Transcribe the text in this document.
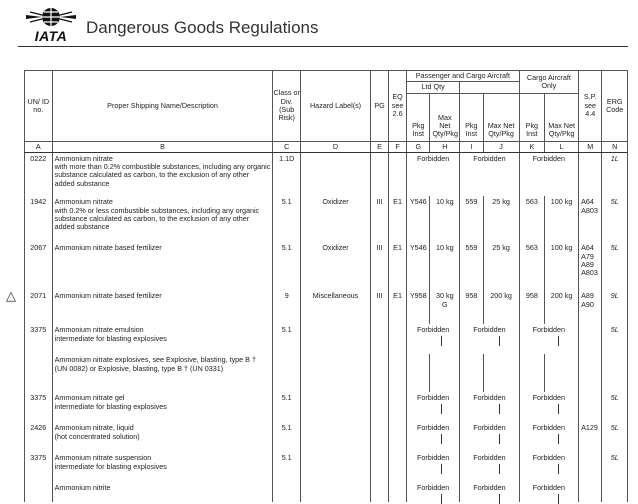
IATA	Dangerous Goods Regulations
△
UN/ ID no.	Proper Shipping Name/Description	Class or Div. (Sub Risk)	Hazard Label(s)	PG	EQ see 2.6	Passenger and Cargo Aircraft				Cargo Aircraft Only		S.P. see 4.4	ERG Code
						Ltd Qty							
						Pkg Inst	Max Net Qty/Pkg	Pkg Inst	Max Net Qty/Pkg	Pkg Inst	Max Net Qty/Pkg		
A	B	C	D	E	F	G	H	I	J	K	L	M	N
0222	Ammonium nitrate
with more than 0.2% combustible substances, including any organic substance calculated as carbon, to the exclusion of any other added substance	1.1D				Forbidden		Forbidden		Forbidden			1L
1942	Ammonium nitrate
with 0.2% or less combustible substances, including any organic substance calculated as carbon, to the exclusion of any other added substance	5.1	Oxidizer	III	E1	Y546	10 kg	559	25 kg	563	100 kg	A64 A803	5L
2067	Ammonium nitrate based fertilizer	5.1	Oxidizer	III	E1	Y546	10 kg	559	25 kg	563	100 kg	A64 A79 A89 A803	5L
2071	Ammonium nitrate based fertilizer	9	Miscellaneous	III	E1	Y958	30 kg G	958	200 kg	958	200 kg	A89 A90	9L
3375	Ammonium nitrate emulsion
intermediate for blasting explosives	5.1				Forbidden		Forbidden		Forbidden			5L

	Ammonium nitrate explosives, see Explosive, blasting, type B † (UN 0082) or Explosive, blasting, type B † (UN 0331)												

3375	Ammonium nitrate gel
intermediate for blasting explosives	5.1				Forbidden		Forbidden		Forbidden			5L
2426	Ammonium nitrate, liquid
(hot concentrated solution)	5.1				Forbidden		Forbidden		Forbidden		A129	5L
3375	Ammonium nitrate suspension
intermediate for blasting explosives	5.1				Forbidden		Forbidden		Forbidden			5L

	Ammonium nitrite					Forbidden		Forbidden		Forbidden	
